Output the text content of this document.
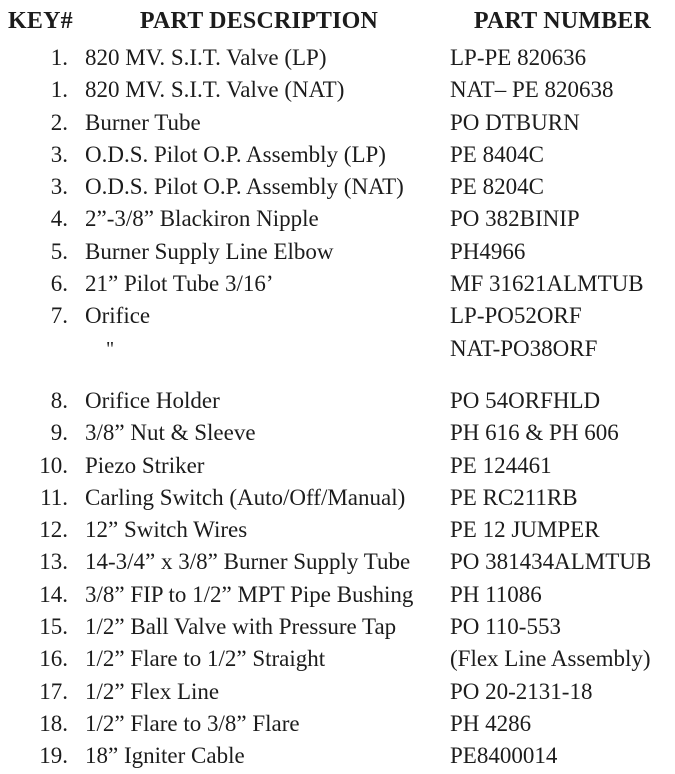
KEY#	PART DESCRIPTION	PART NUMBER
1. 820 MV. S.I.T. Valve (LP)	LP-PE 820636
1. 820 MV. S.I.T. Valve (NAT)	NAT– PE 820638
2. Burner Tube	PO DTBURN
3. O.D.S. Pilot O.P. Assembly (LP)	PE 8404C
3. O.D.S. Pilot O.P. Assembly (NAT)	PE 8204C
4. 2”-3/8” Blackiron Nipple	PO 382BINIP
5. Burner Supply Line Elbow	PH4966
6. 21” Pilot Tube 3/16’	MF 31621ALMTUB
7. Orifice	LP-PO52ORF
"	NAT-PO38ORF
8. Orifice Holder	PO 54ORFHLD
9. 3/8” Nut & Sleeve	PH 616 & PH 606
10. Piezo Striker	PE 124461
11. Carling Switch (Auto/Off/Manual)	PE RC211RB
12. 12” Switch Wires	PE 12 JUMPER
13. 14-3/4” x 3/8” Burner Supply Tube	PO 381434ALMTUB
14. 3/8” FIP to 1/2” MPT Pipe Bushing	PH 11086
15. 1/2” Ball Valve with Pressure Tap	PO 110-553
16. 1/2” Flare to 1/2” Straight	(Flex Line Assembly)
17. 1/2” Flex Line	PO 20-2131-18
18. 1/2” Flare to 3/8” Flare	PH 4286
19. 18” Igniter Cable	PE8400014
